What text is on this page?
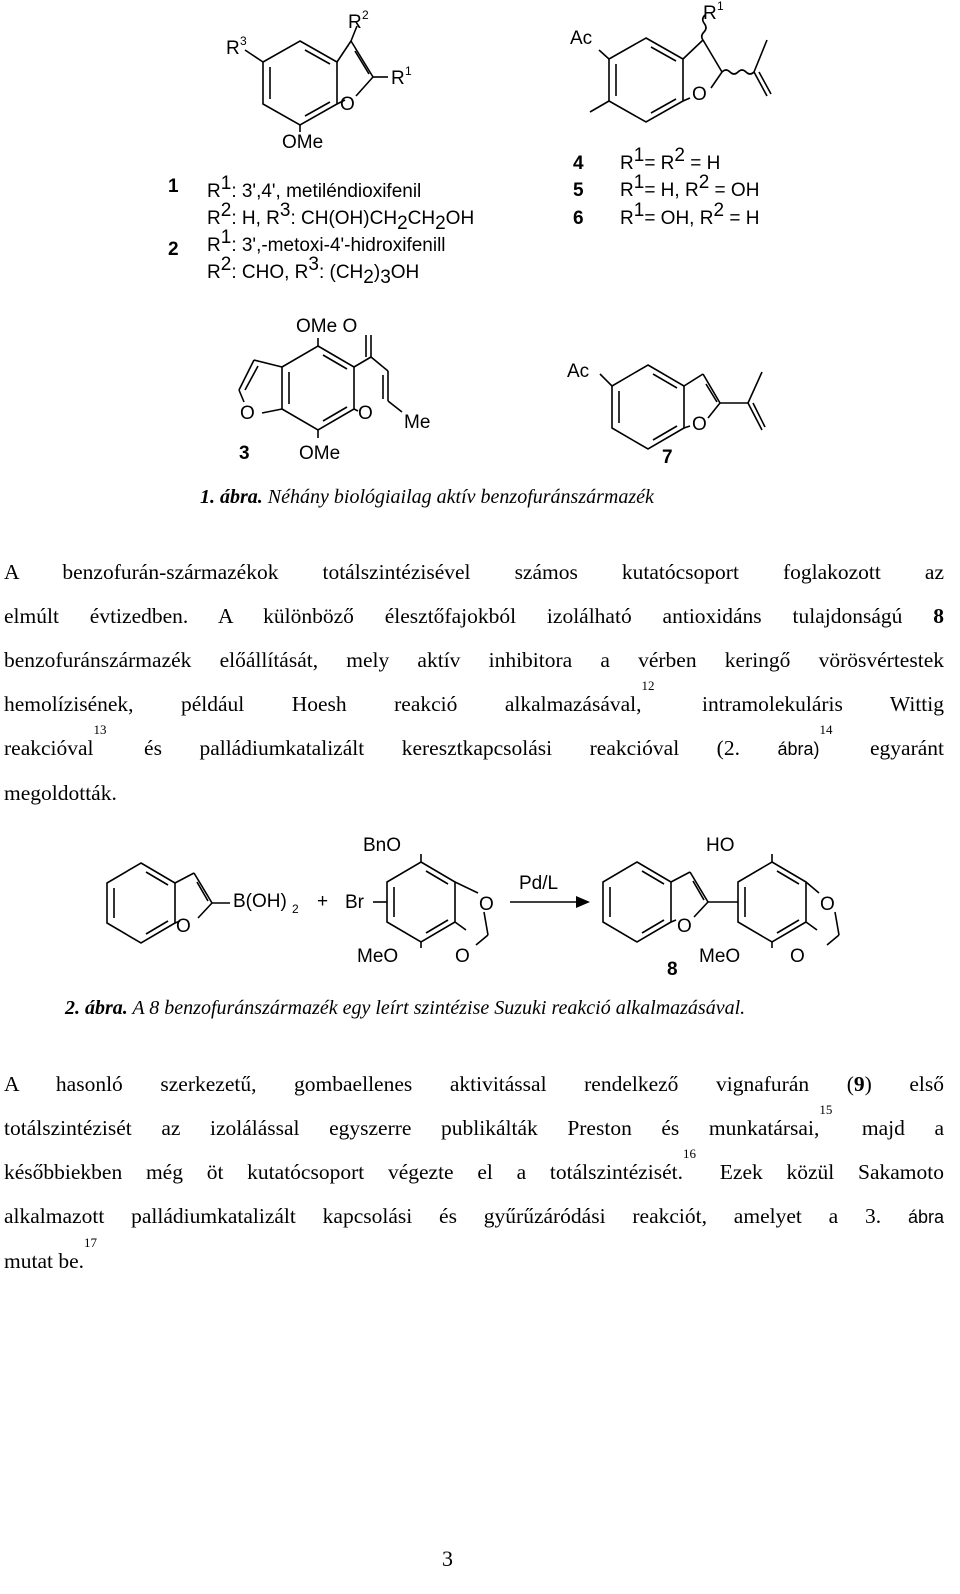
R 3
R 2
R 1
O
OMe
1
2
R1: 3',4', metiléndioxifenil
R2: H, R3: CH(OH)CH2CH2OH
R1: 3',-metoxi-4'-hidroxifenill
R2: CHO, R3: (CH2)3OH
Ac
R 1
O
4 R1= R2 = H
5 R1= H, R2 = OH
6 R1= OH, R2 = H
OMe O
O	O Me
OMe
3
Ac
O
7
1. ábra. Néhány biológiailag aktív benzofuránszármazék
A benzofurán-származékok totálszintézisével számos kutatócsoport foglakozott az
elmúlt évtizedben. A különböző élesztőfajokból izolálható antioxidáns tulajdonságú 8
benzofuránszármazék előállítását, mely aktív inhibitora a vérben keringő vörösvértestek
hemolízisének, például Hoesh reakció alkalmazásával,$^{12}$ intramolekuláris Wittig
reakcióval$^{13}$ és palládiumkatalizált keresztkapcsolási reakcióval (2. ábra)$^{14}$ egyaránt
megoldották.
O
B(OH) 2 +
BnO
Br	O
O
MeO
Pd/L
O
HO
O
O
MeO
8
2. ábra. A 8 benzofuránszármazék egy leírt szintézise Suzuki reakció alkalmazásával.
A hasonló szerkezetű, gombaellenes aktivitással rendelkező vignafurán (9) első
totálszintézisét az izolálással egyszerre publikálták Preston és munkatársai,$^{15}$ majd a
későbbiekben még öt kutatócsoport végezte el a totálszintézisét.$^{16}$ Ezek közül Sakamoto
alkalmazott palládiumkatalizált kapcsolási és gyűrűzáródási reakciót, amelyet a 3. ábra
mutat be.$^{17}$
3
